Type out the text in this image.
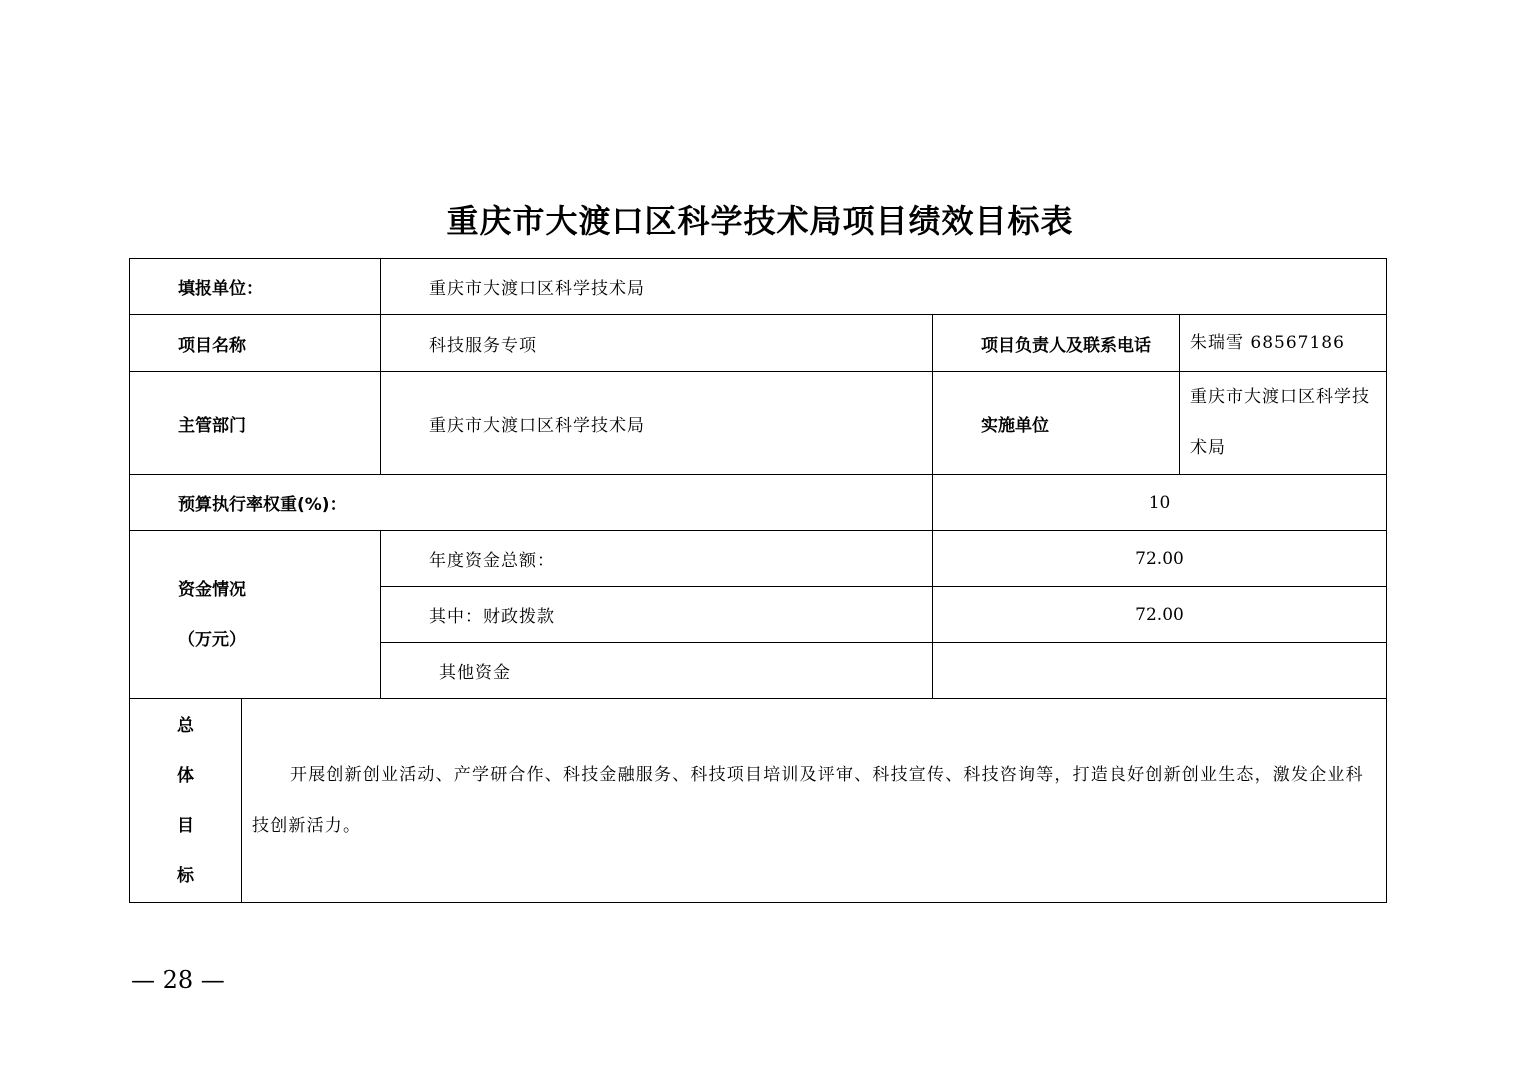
重庆市大渡口区科学技术局项目绩效目标表
填报单位：		重庆市大渡口区科学技术局		
项目名称		科技服务专项	项目负责人及联系电话	朱瑞雪 68567186
主管部门		重庆市大渡口区科学技术局	实施单位	重庆市大渡口区科学技术局
预算执行率权重(%)：			10	
资金情况
（万元）		年度资金总额：	72.00	
		其中：财政拨款	72.00	
		其他资金		

总
体
目
标	开展创新创业活动、产学研合作、科技金融服务、科技项目培训及评审、科技宣传、科技咨询等，打造良好创新创业生态，激发企业科技创新活力。			
— 28 —
